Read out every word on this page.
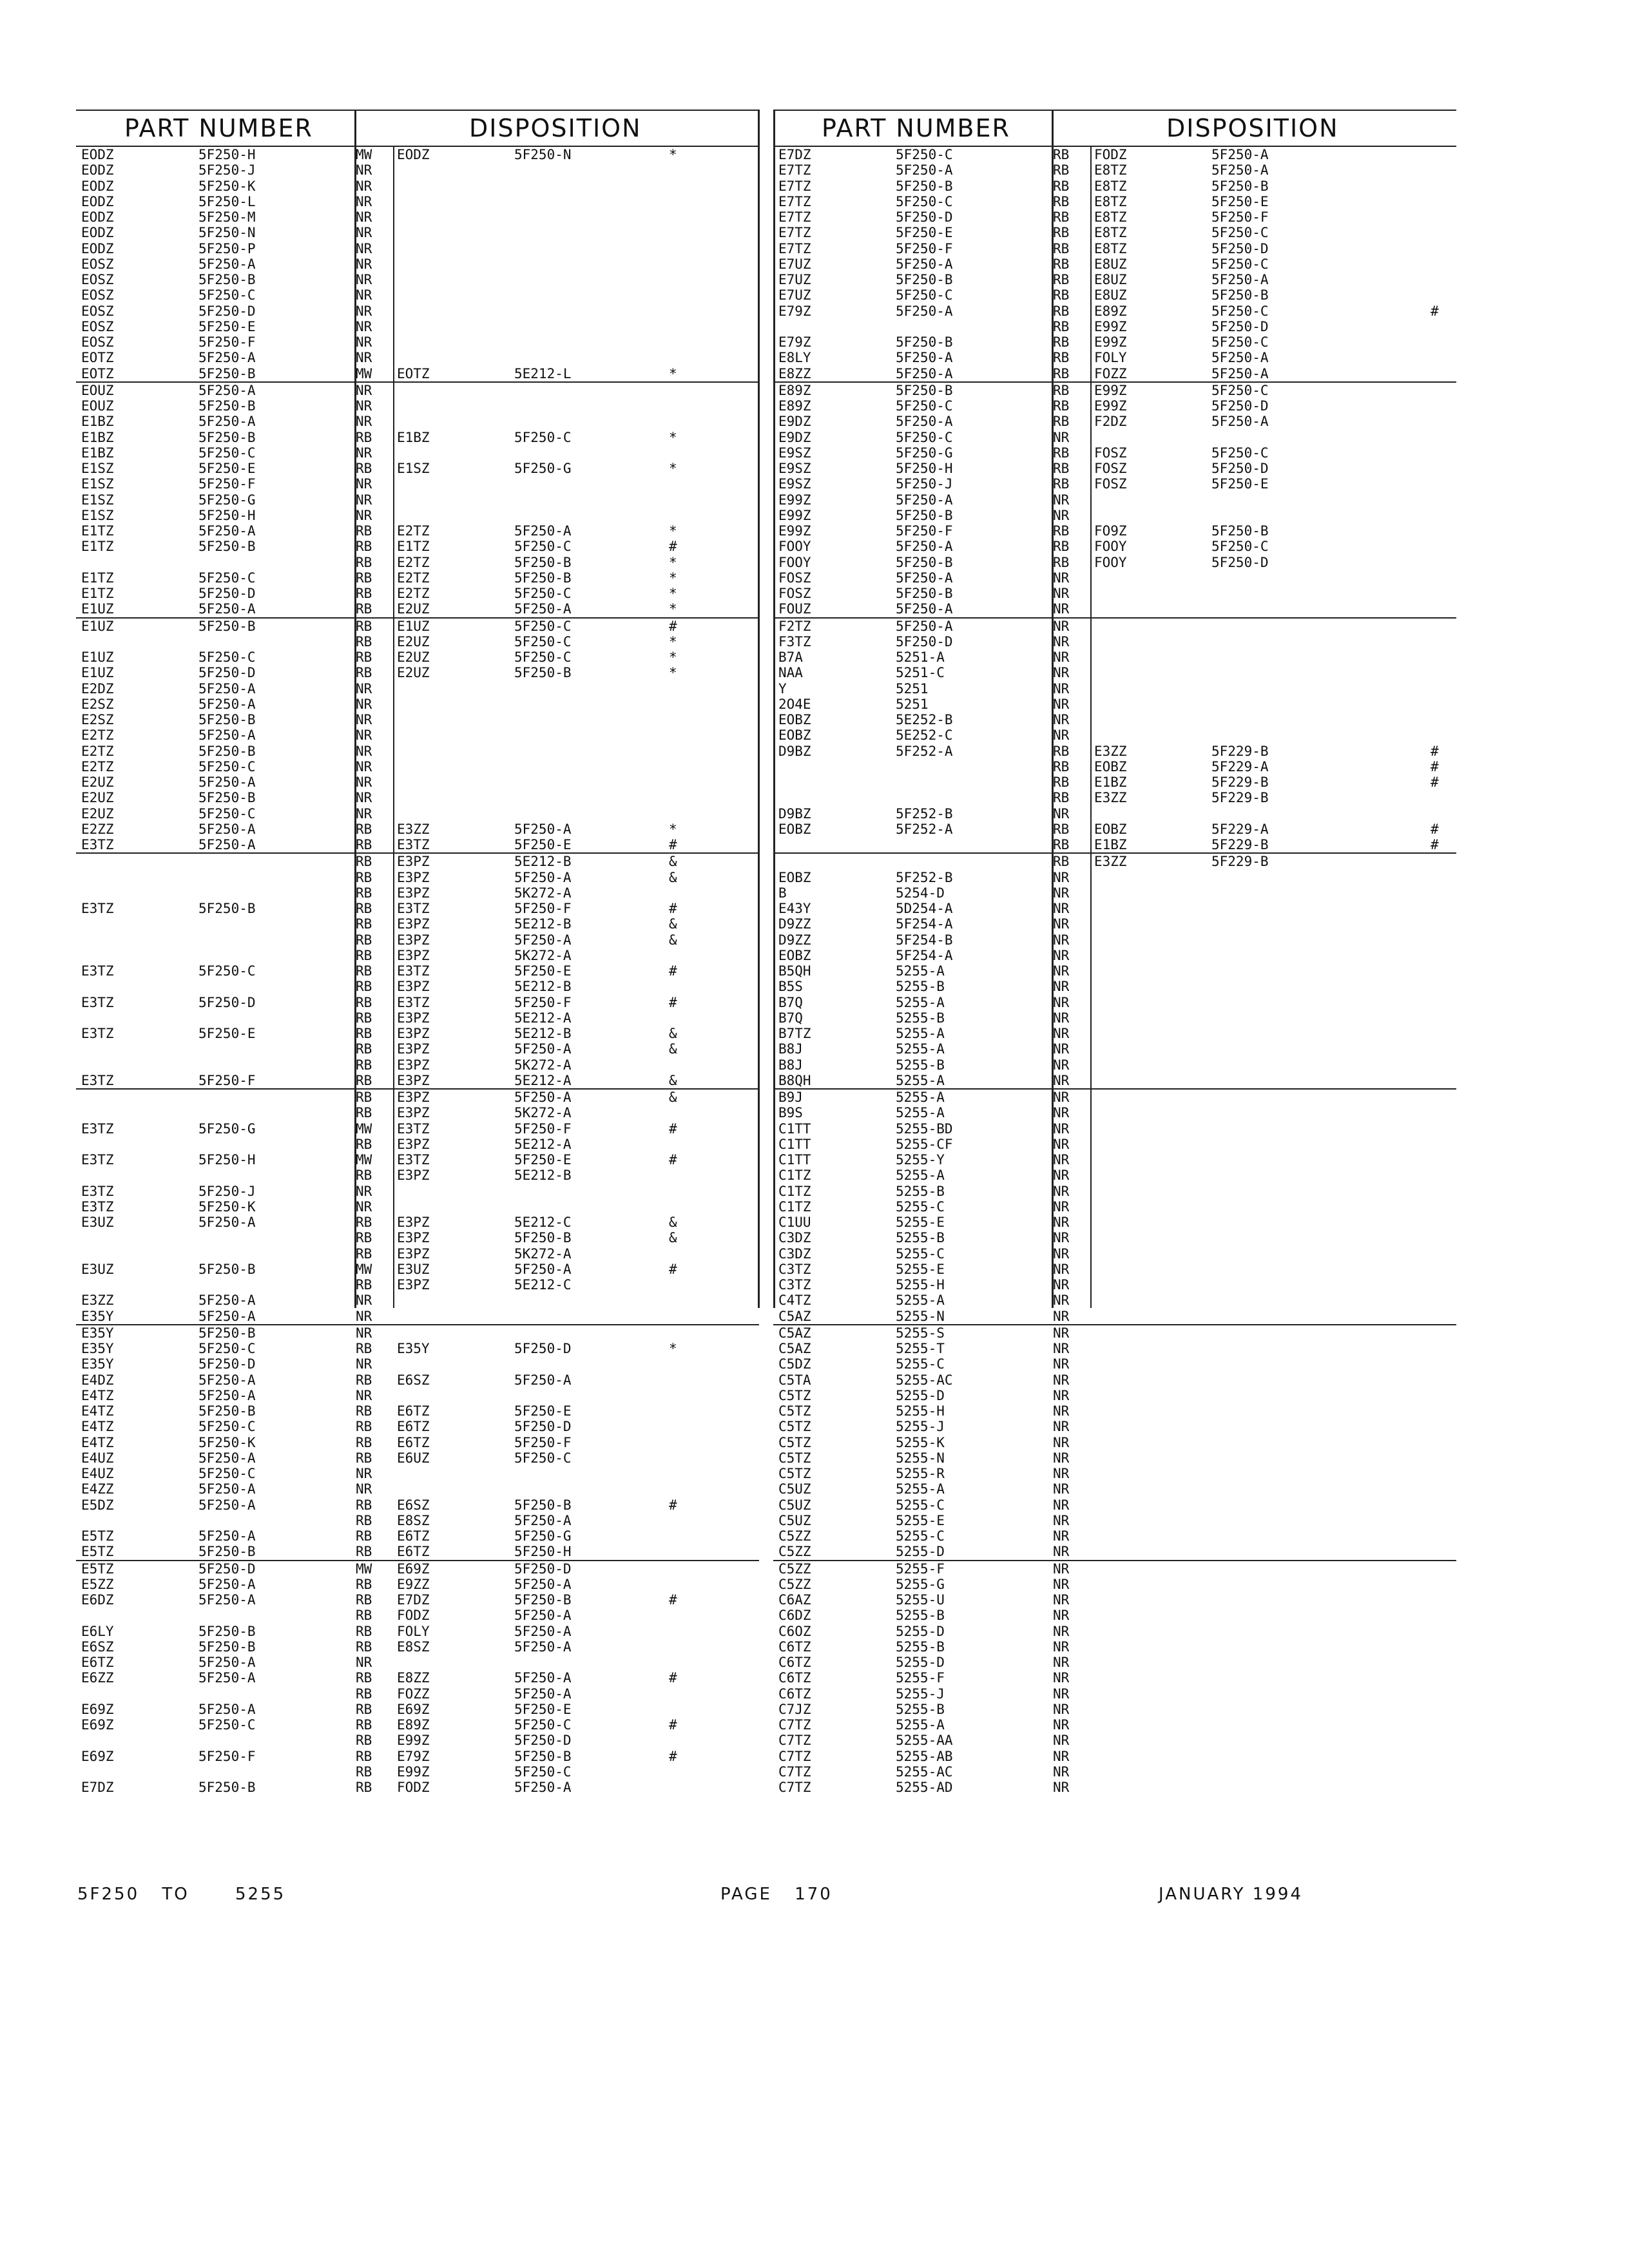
PART NUMBER	DISPOSITION
EODZ	5F250-H	MW EODZ	5F250-N	*
EODZ	5F250-J	NR
EODZ	5F250-K	NR
EODZ	5F250-L	NR
EODZ	5F250-M	NR
EODZ	5F250-N	NR
EODZ	5F250-P	NR
EOSZ	5F250-A	NR
EOSZ	5F250-B	NR
EOSZ	5F250-C	NR
EOSZ	5F250-D	NR
EOSZ	5F250-E	NR
EOSZ	5F250-F	NR
EOTZ	5F250-A	NR
EOTZ	5F250-B	MW EOTZ	5E212-L	*
EOUZ	5F250-A	NR
EOUZ	5F250-B	NR
E1BZ	5F250-A	NR
E1BZ	5F250-B	RB E1BZ	5F250-C	*
E1BZ	5F250-C	NR
E1SZ	5F250-E	RB E1SZ	5F250-G	*
E1SZ	5F250-F	NR
E1SZ	5F250-G	NR
E1SZ	5F250-H	NR
E1TZ	5F250-A	RB E2TZ	5F250-A	*
E1TZ	5F250-B	RB E1TZ	5F250-C	#
RB E2TZ	5F250-B	*
E1TZ	5F250-C	RB E2TZ	5F250-B	*
E1TZ	5F250-D	RB E2TZ	5F250-C	*
E1UZ	5F250-A	RB E2UZ	5F250-A	*
E1UZ	5F250-B	RB E1UZ	5F250-C	#
RB E2UZ	5F250-C	*
E1UZ	5F250-C	RB E2UZ	5F250-C	*
E1UZ	5F250-D	RB E2UZ	5F250-B	*
E2DZ	5F250-A	NR
E2SZ	5F250-A	NR
E2SZ	5F250-B	NR
E2TZ	5F250-A	NR
E2TZ	5F250-B	NR
E2TZ	5F250-C	NR
E2UZ	5F250-A	NR
E2UZ	5F250-B	NR
E2UZ	5F250-C	NR
E2ZZ	5F250-A	RB E3ZZ	5F250-A	*
E3TZ	5F250-A	RB E3TZ	5F250-E	#
RB E3PZ	5E212-B	&
RB E3PZ	5F250-A	&
RB E3PZ	5K272-A
E3TZ	5F250-B	RB E3TZ	5F250-F	#
RB E3PZ	5E212-B	&
RB E3PZ	5F250-A	&
RB E3PZ	5K272-A
E3TZ	5F250-C	RB E3TZ	5F250-E	#
RB E3PZ	5E212-B
E3TZ	5F250-D	RB E3TZ	5F250-F	#
RB E3PZ	5E212-A
E3TZ	5F250-E	RB E3PZ	5E212-B	&
RB E3PZ	5F250-A	&
RB E3PZ	5K272-A
E3TZ	5F250-F	RB E3PZ	5E212-A	&
RB E3PZ	5F250-A	&
RB E3PZ	5K272-A
E3TZ	5F250-G	MW E3TZ	5F250-F	#
RB E3PZ	5E212-A
E3TZ	5F250-H	MW E3TZ	5F250-E	#
RB E3PZ	5E212-B
E3TZ	5F250-J	NR
E3TZ	5F250-K	NR
E3UZ	5F250-A	RB E3PZ	5E212-C	&
RB E3PZ	5F250-B	&
RB E3PZ	5K272-A
E3UZ	5F250-B	MW E3UZ	5F250-A	#
RB E3PZ	5E212-C
E3ZZ	5F250-A	NR
E35Y	5F250-A	NR
E35Y	5F250-B	NR
E35Y	5F250-C	RB E35Y	5F250-D	*
E35Y	5F250-D	NR
E4DZ	5F250-A	RB E6SZ	5F250-A
E4TZ	5F250-A	NR
E4TZ	5F250-B	RB E6TZ	5F250-E
E4TZ	5F250-C	RB E6TZ	5F250-D
E4TZ	5F250-K	RB E6TZ	5F250-F
E4UZ	5F250-A	RB E6UZ	5F250-C
E4UZ	5F250-C	NR
E4ZZ	5F250-A	NR
E5DZ	5F250-A	RB E6SZ	5F250-B	#
RB E8SZ	5F250-A
E5TZ	5F250-A	RB E6TZ	5F250-G
E5TZ	5F250-B	RB E6TZ	5F250-H
E5TZ	5F250-D	MW E69Z	5F250-D
E5ZZ	5F250-A	RB E9ZZ	5F250-A
E6DZ	5F250-A	RB E7DZ	5F250-B	#
RB FODZ	5F250-A
E6LY	5F250-B	RB FOLY	5F250-A
E6SZ	5F250-B	RB E8SZ	5F250-A
E6TZ	5F250-A	NR
E6ZZ	5F250-A	RB E8ZZ	5F250-A	#
RB FOZZ	5F250-A
E69Z	5F250-A	RB E69Z	5F250-E
E69Z	5F250-C	RB E89Z	5F250-C	#
RB E99Z	5F250-D
E69Z	5F250-F	RB E79Z	5F250-B	#
RB E99Z	5F250-C
E7DZ	5F250-B	RB FODZ	5F250-A
PART NUMBER	DISPOSITION
E7DZ	5F250-C	RB FODZ	5F250-A
E7TZ	5F250-A	RB E8TZ	5F250-A
E7TZ	5F250-B	RB E8TZ	5F250-B
E7TZ	5F250-C	RB E8TZ	5F250-E
E7TZ	5F250-D	RB E8TZ	5F250-F
E7TZ	5F250-E	RB E8TZ	5F250-C
E7TZ	5F250-F	RB E8TZ	5F250-D
E7UZ	5F250-A	RB E8UZ	5F250-C
E7UZ	5F250-B	RB E8UZ	5F250-A
E7UZ	5F250-C	RB E8UZ	5F250-B
E79Z	5F250-A	RB E89Z	5F250-C	#
RB E99Z	5F250-D
E79Z	5F250-B	RB E99Z	5F250-C
E8LY	5F250-A	RB FOLY	5F250-A
E8ZZ	5F250-A	RB FOZZ	5F250-A
E89Z	5F250-B	RB E99Z	5F250-C
E89Z	5F250-C	RB E99Z	5F250-D
E9DZ	5F250-A	RB F2DZ	5F250-A
E9DZ	5F250-C	NR
E9SZ	5F250-G	RB FOSZ	5F250-C
E9SZ	5F250-H	RB FOSZ	5F250-D
E9SZ	5F250-J	RB FOSZ	5F250-E
E99Z	5F250-A	NR
E99Z	5F250-B	NR
E99Z	5F250-F	RB FO9Z	5F250-B
FOOY	5F250-A	RB FOOY	5F250-C
FOOY	5F250-B	RB FOOY	5F250-D
FOSZ	5F250-A	NR
FOSZ	5F250-B	NR
FOUZ	5F250-A	NR
F2TZ	5F250-A	NR
F3TZ	5F250-D	NR
B7A	5251-A	NR
NAA	5251-C	NR
Y	5251	NR
2O4E	5251	NR
EOBZ	5E252-B	NR
EOBZ	5E252-C	NR
D9BZ	5F252-A	RB E3ZZ	5F229-B	#
RB EOBZ	5F229-A	#
RB E1BZ	5F229-B	#
RB E3ZZ	5F229-B
D9BZ	5F252-B	NR
EOBZ	5F252-A	RB EOBZ	5F229-A	#
RB E1BZ	5F229-B	#
RB E3ZZ	5F229-B
EOBZ	5F252-B	NR
B	5254-D	NR
E43Y	5D254-A	NR
D9ZZ	5F254-A	NR
D9ZZ	5F254-B	NR
EOBZ	5F254-A	NR
B5QH	5255-A	NR
B5S	5255-B	NR
B7Q	5255-A	NR
B7Q	5255-B	NR
B7TZ	5255-A	NR
B8J	5255-A	NR
B8J	5255-B	NR
B8QH	5255-A	NR
B9J	5255-A	NR
B9S	5255-A	NR
C1TT	5255-BD	NR
C1TT	5255-CF	NR
C1TT	5255-Y	NR
C1TZ	5255-A	NR
C1TZ	5255-B	NR
C1TZ	5255-C	NR
C1UU	5255-E	NR
C3DZ	5255-B	NR
C3DZ	5255-C	NR
C3TZ	5255-E	NR
C3TZ	5255-H	NR
C4TZ	5255-A	NR
C5AZ	5255-N	NR
C5AZ	5255-S	NR
C5AZ	5255-T	NR
C5DZ	5255-C	NR
C5TA	5255-AC	NR
C5TZ	5255-D	NR
C5TZ	5255-H	NR
C5TZ	5255-J	NR
C5TZ	5255-K	NR
C5TZ	5255-N	NR
C5TZ	5255-R	NR
C5UZ	5255-A	NR
C5UZ	5255-C	NR
C5UZ	5255-E	NR
C5ZZ	5255-C	NR
C5ZZ	5255-D	NR
C5ZZ	5255-F	NR
C5ZZ	5255-G	NR
C6AZ	5255-U	NR
C6DZ	5255-B	NR
C6OZ	5255-D	NR
C6TZ	5255-B	NR
C6TZ	5255-D	NR
C6TZ	5255-F	NR
C6TZ	5255-J	NR
C7JZ	5255-B	NR
C7TZ	5255-A	NR
C7TZ	5255-AA	NR
C7TZ	5255-AB	NR
C7TZ	5255-AC	NR
C7TZ	5255-AD	NR
5F250 TO	5255	PAGE 170	JANUARY 1994
